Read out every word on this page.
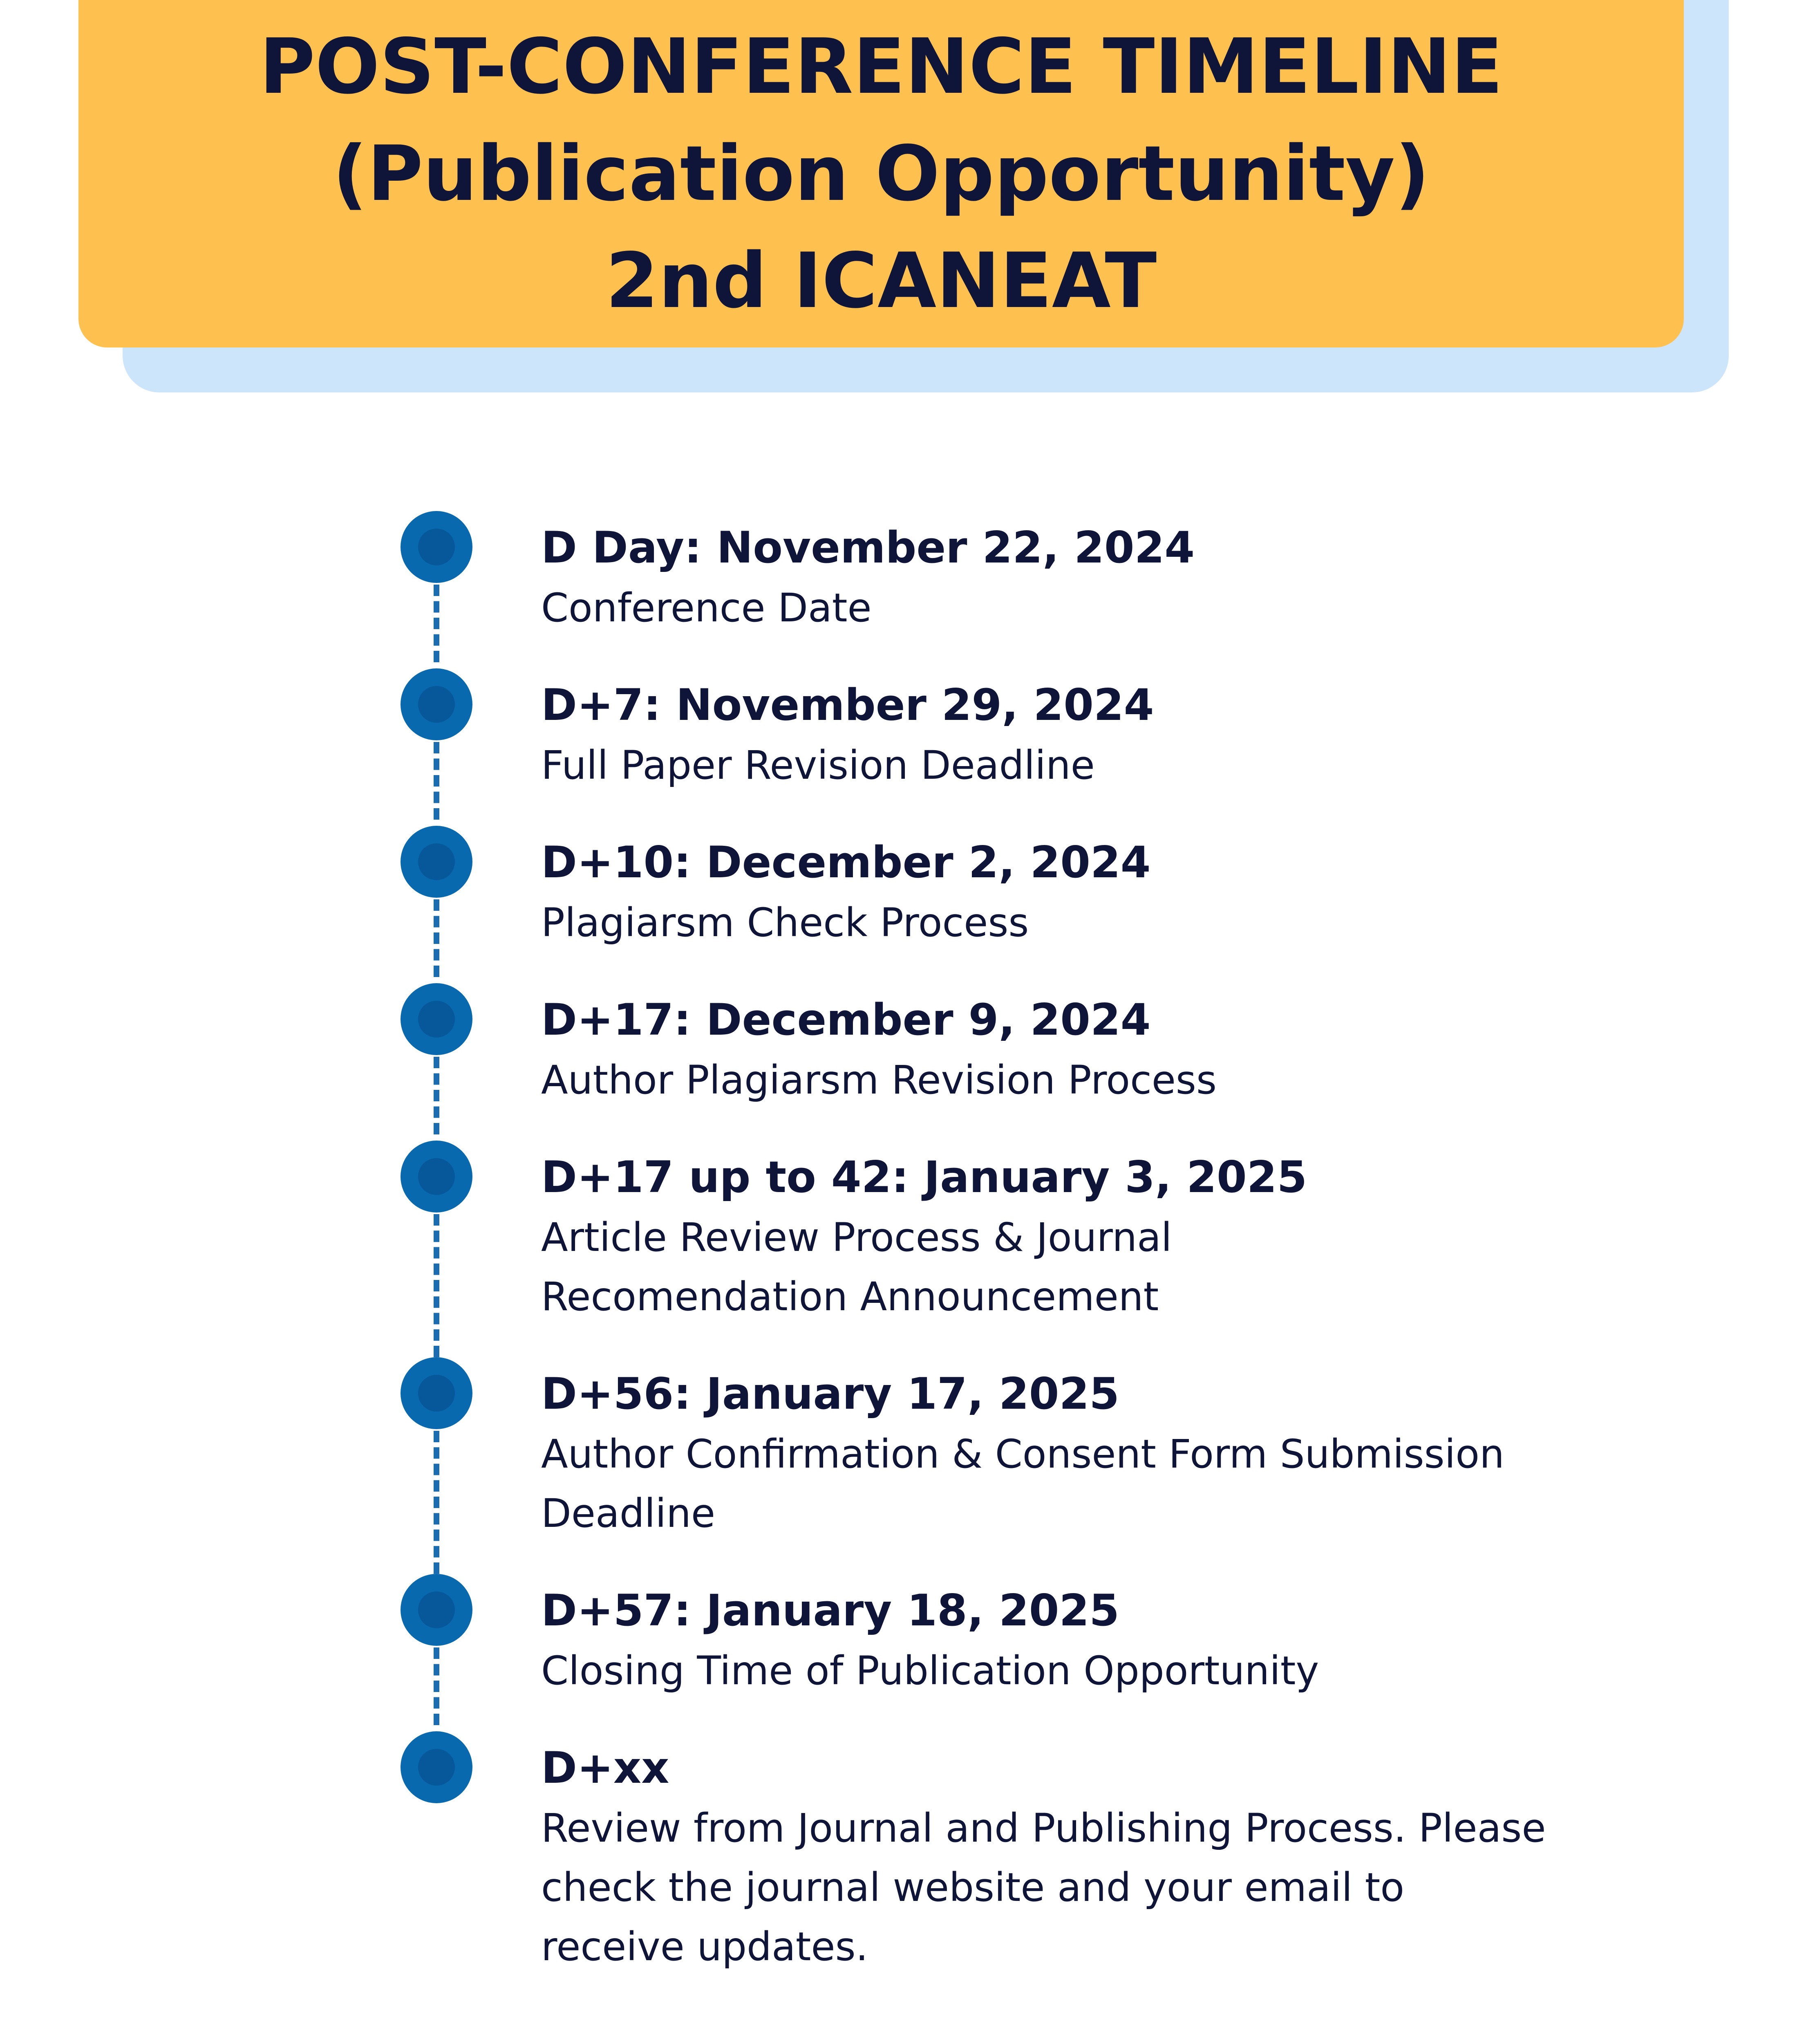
POST-CONFERENCE TIMELINE
(Publication Opportunity)
2nd ICANEAT
D Day: November 22, 2024
Conference Date
D+7: November 29, 2024
Full Paper Revision Deadline
D+10: December 2, 2024
Plagiarsm Check Process
D+17: December 9, 2024
Author Plagiarsm Revision Process
D+17 up to 42: January 3, 2025
Article Review Process & Journal Recomendation Announcement
D+56: January 17, 2025
Author Confirmation & Consent Form Submission Deadline
D+57: January 18, 2025
Closing Time of Publication Opportunity
D+xx
Review from Journal and Publishing Process. Please check the journal website and your email to receive updates.
